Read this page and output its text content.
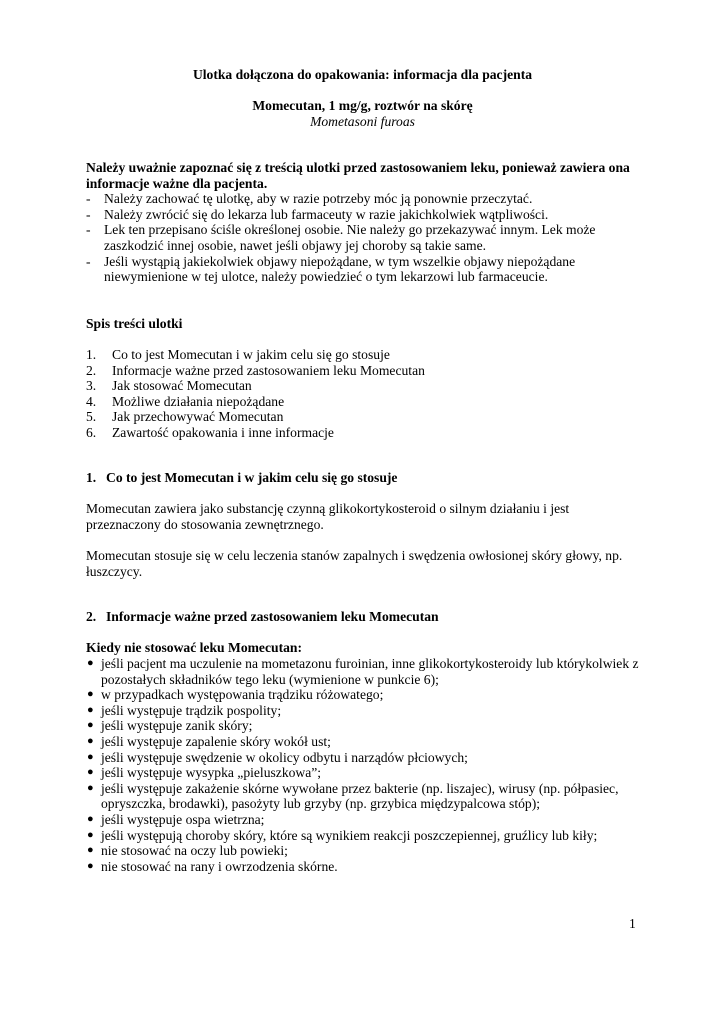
Ulotka dołączona do opakowania: informacja dla pacjenta
Momecutan, 1 mg/g, roztwór na skórę
Mometasoni furoas
Należy uważnie zapoznać się z treścią ulotki przed zastosowaniem leku, ponieważ zawiera ona informacje ważne dla pacjenta.
- Należy zachować tę ulotkę, aby w razie potrzeby móc ją ponownie przeczytać.
- Należy zwrócić się do lekarza lub farmaceuty w razie jakichkolwiek wątpliwości.
- Lek ten przepisano ściśle określonej osobie. Nie należy go przekazywać innym. Lek może zaszkodzić innej osobie, nawet jeśli objawy jej choroby są takie same.
- Jeśli wystąpią jakiekolwiek objawy niepożądane, w tym wszelkie objawy niepożądane niewymienione w tej ulotce, należy powiedzieć o tym lekarzowi lub farmaceucie.
Spis treści ulotki
1. Co to jest Momecutan i w jakim celu się go stosuje
2. Informacje ważne przed zastosowaniem leku Momecutan
3. Jak stosować Momecutan
4. Możliwe działania niepożądane
5. Jak przechowywać Momecutan
6. Zawartość opakowania i inne informacje
1. Co to jest Momecutan i w jakim celu się go stosuje
Momecutan zawiera jako substancję czynną glikokortykosteroid o silnym działaniu i jest przeznaczony do stosowania zewnętrznego.
Momecutan stosuje się w celu leczenia stanów zapalnych i swędzenia owłosionej skóry głowy, np. łuszczycy.
2. Informacje ważne przed zastosowaniem leku Momecutan
Kiedy nie stosować leku Momecutan:
● jeśli pacjent ma uczulenie na mometazonu furoinian, inne glikokortykosteroidy lub którykolwiek z pozostałych składników tego leku (wymienione w punkcie 6);
● w przypadkach występowania trądziku różowatego;
● jeśli występuje trądzik pospolity;
● jeśli występuje zanik skóry;
● jeśli występuje zapalenie skóry wokół ust;
● jeśli występuje swędzenie w okolicy odbytu i narządów płciowych;
● jeśli występuje wysypka „pieluszkowa”;
● jeśli występuje zakażenie skórne wywołane przez bakterie (np. liszajec), wirusy (np. półpasiec, opryszczka, brodawki), pasożyty lub grzyby (np. grzybica międzypalcowa stóp);
● jeśli występuje ospa wietrzna;
● jeśli występują choroby skóry, które są wynikiem reakcji poszczepiennej, gruźlicy lub kiły;
● nie stosować na oczy lub powieki;
● nie stosować na rany i owrzodzenia skórne.
1
